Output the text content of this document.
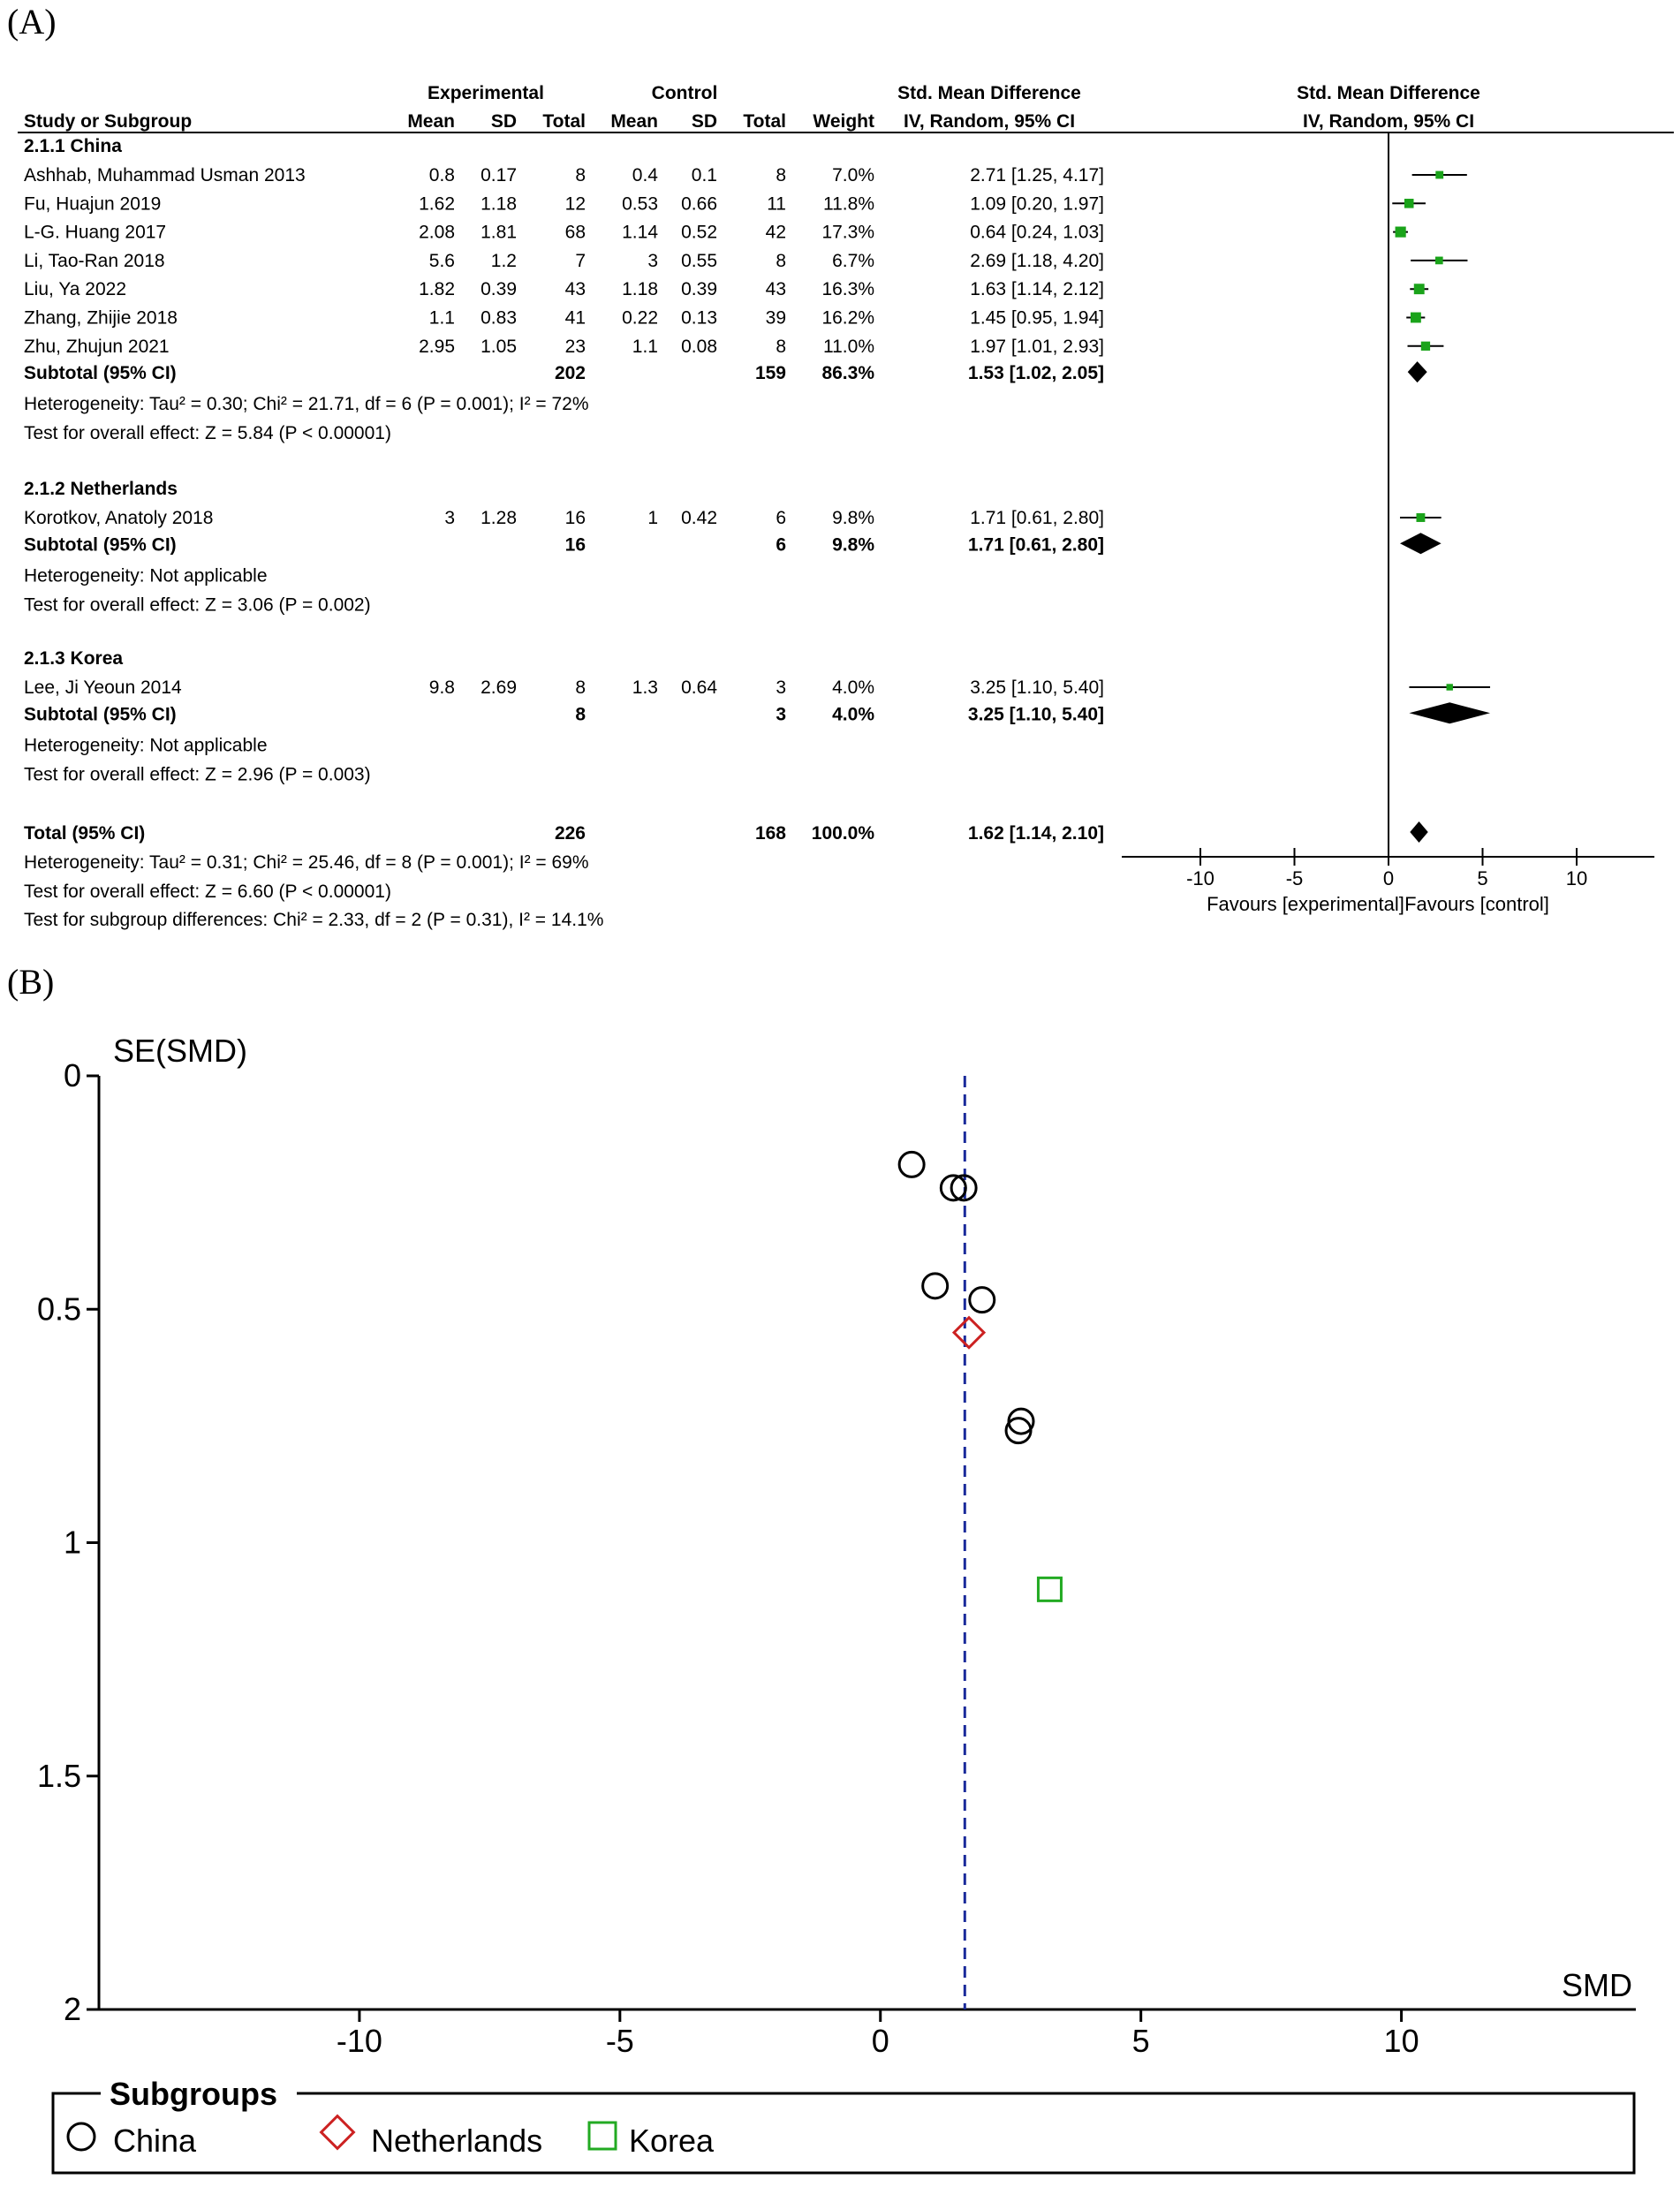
(A)
Experimental	Control	Std. Mean Difference	Std. Mean Difference
Study or Subgroup	Mean SD Total Mean SD Total Weight IV, Random, 95% CI	IV, Random, 95% CI
-10	-5	0	5	10
Favours [experimental] Favours [control]
2.1.1 China
Ashhab, Muhammad Usman 2013	0.8 0.17	8	0.4 0.1	8 7.0%	2.71 [1.25, 4.17]
Fu, Huajun 2019	1.62 1.18	12 0.53 0.66	11 11.8%	1.09 [0.20, 1.97]
L-G. Huang 2017	2.08 1.81	68 1.14 0.52	42 17.3%	0.64 [0.24, 1.03]
Li, Tao-Ran 2018	5.6 1.2	7	3 0.55	8 6.7%	2.69 [1.18, 4.20]
Liu, Ya 2022	1.82 0.39	43 1.18 0.39	43 16.3%	1.63 [1.14, 2.12]
Zhang, Zhijie 2018	1.1 0.83	41 0.22 0.13	39 16.2%	1.45 [0.95, 1.94]
Zhu, Zhujun 2021	2.95 1.05	23	1.1 0.08	8 11.0%	1.97 [1.01, 2.93]
Subtotal (95% CI)	202	159 86.3%	1.53 [1.02, 2.05]
Heterogeneity: Tau² = 0.30; Chi² = 21.71, df = 6 (P = 0.001); I² = 72%
Test for overall effect: Z = 5.84 (P < 0.00001)
2.1.2 Netherlands
Korotkov, Anatoly 2018	3 1.28	16	1 0.42	6 9.8%	1.71 [0.61, 2.80]
Subtotal (95% CI)	16	6 9.8%	1.71 [0.61, 2.80]
Heterogeneity: Not applicable
Test for overall effect: Z = 3.06 (P = 0.002)
2.1.3 Korea
Lee, Ji Yeoun 2014	9.8 2.69	8	1.3 0.64	3 4.0%	3.25 [1.10, 5.40]
Subtotal (95% CI)	8	3 4.0%	3.25 [1.10, 5.40]
Heterogeneity: Not applicable
Test for overall effect: Z = 2.96 (P = 0.003)
Total (95% CI)	226	168 100.0%	1.62 [1.14, 2.10]
Heterogeneity: Tau² = 0.31; Chi² = 25.46, df = 8 (P = 0.001); I² = 69%
Test for overall effect: Z = 6.60 (P < 0.00001)
Test for subgroup differences: Chi² = 2.33, df = 2 (P = 0.31), I² = 14.1%
(B)
SE(SMD)
SMD
0
0.5
1
1.5
2
-10	-5	0	5	10
Subgroups
China	Netherlands	Korea
